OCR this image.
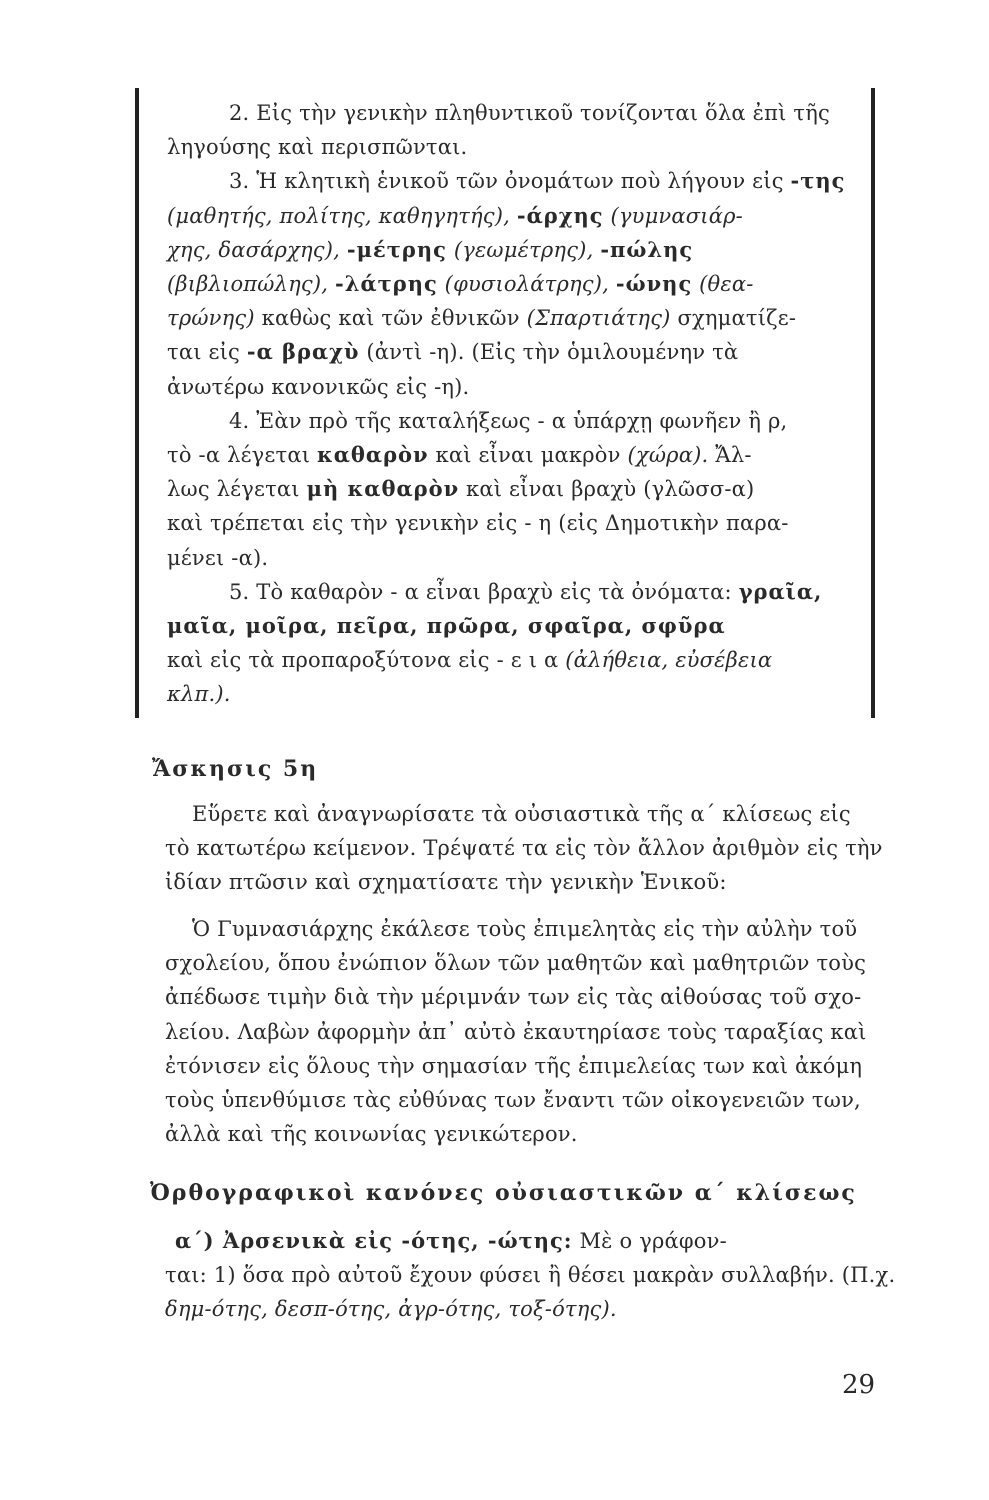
2. Εἰς τὴν γενικὴν πληθυντικοῦ τονίζονται ὅλα ἐπὶ τῆς
ληγούσης καὶ περισπῶνται.
3. Ἡ κλητικὴ ἑνικοῦ τῶν ὀνομάτων ποὺ λήγουν εἰς -της
(μαθητής, πολίτης, καθηγητής), -άρχης (γυμνασιάρ-
χης, δασάρχης), -μέτρης (γεωμέτρης), -πώλης
(βιβλιοπώλης), -λάτρης (φυσιολάτρης), -ώνης (θεα-
τρώνης) καθὼς καὶ τῶν ἐθνικῶν (Σπαρτιάτης) σχηματίζε-
ται εἰς -α βραχὺ (ἀντὶ -η). (Εἰς τὴν ὁμιλουμένην τὰ
ἀνωτέρω κανονικῶς εἰς -η).
4. Ἐὰν πρὸ τῆς καταλήξεως - α ὑπάρχῃ φωνῆεν ἢ ρ,
τὸ -α λέγεται καθαρὸν καὶ εἶναι μακρὸν (χώρα). Ἄλ-
λως λέγεται μὴ καθαρὸν καὶ εἶναι βραχὺ (γλῶσσ-α)
καὶ τρέπεται εἰς τὴν γενικὴν εἰς - η (εἰς Δημοτικὴν παρα-
μένει -α).
5. Τὸ καθαρὸν - α εἶναι βραχὺ εἰς τὰ ὀνόματα: γραῖα,
μαῖα, μοῖρα, πεῖρα, πρῶρα, σφαῖρα, σφῦρα
καὶ εἰς τὰ προπαροξύτονα εἰς - ε ι α (ἀλήθεια, εὐσέβεια
κλπ.).
Ἄσκησις 5η
Εὕρετε καὶ ἀναγνωρίσατε τὰ οὐσιαστικὰ τῆς α΄ κλίσεως εἰς
τὸ κατωτέρω κείμενον. Τρέψατέ τα εἰς τὸν ἄλλον ἀριθμὸν εἰς τὴν
ἰδίαν πτῶσιν καὶ σχηματίσατε τὴν γενικὴν Ἑνικοῦ:
Ὁ Γυμνασιάρχης ἐκάλεσε τοὺς ἐπιμελητὰς εἰς τὴν αὐλὴν τοῦ
σχολείου, ὅπου ἐνώπιον ὅλων τῶν μαθητῶν καὶ μαθητριῶν τοὺς
ἀπέδωσε τιμὴν διὰ τὴν μέριμνάν των εἰς τὰς αἰθούσας τοῦ σχο-
λείου. Λαβὼν ἀφορμὴν ἀπ᾽ αὐτὸ ἐκαυτηρίασε τοὺς ταραξίας καὶ
ἐτόνισεν εἰς ὅλους τὴν σημασίαν τῆς ἐπιμελείας των καὶ ἀκόμη
τοὺς ὑπενθύμισε τὰς εὐθύνας των ἔναντι τῶν οἰκογενειῶν των,
ἀλλὰ καὶ τῆς κοινωνίας γενικώτερον.
Ὀρθογραφικοὶ κανόνες οὐσιαστικῶν α΄ κλίσεως
α΄) Ἀρσενικὰ εἰς -ότης, -ώτης: Μὲ ο γράφον-
ται: 1) ὅσα πρὸ αὐτοῦ ἔχουν φύσει ἢ θέσει μακρὰν συλλαβήν. (Π.χ.
δημ-ότης, δεσπ-ότης, ἀγρ-ότης, τοξ-ότης).
29
